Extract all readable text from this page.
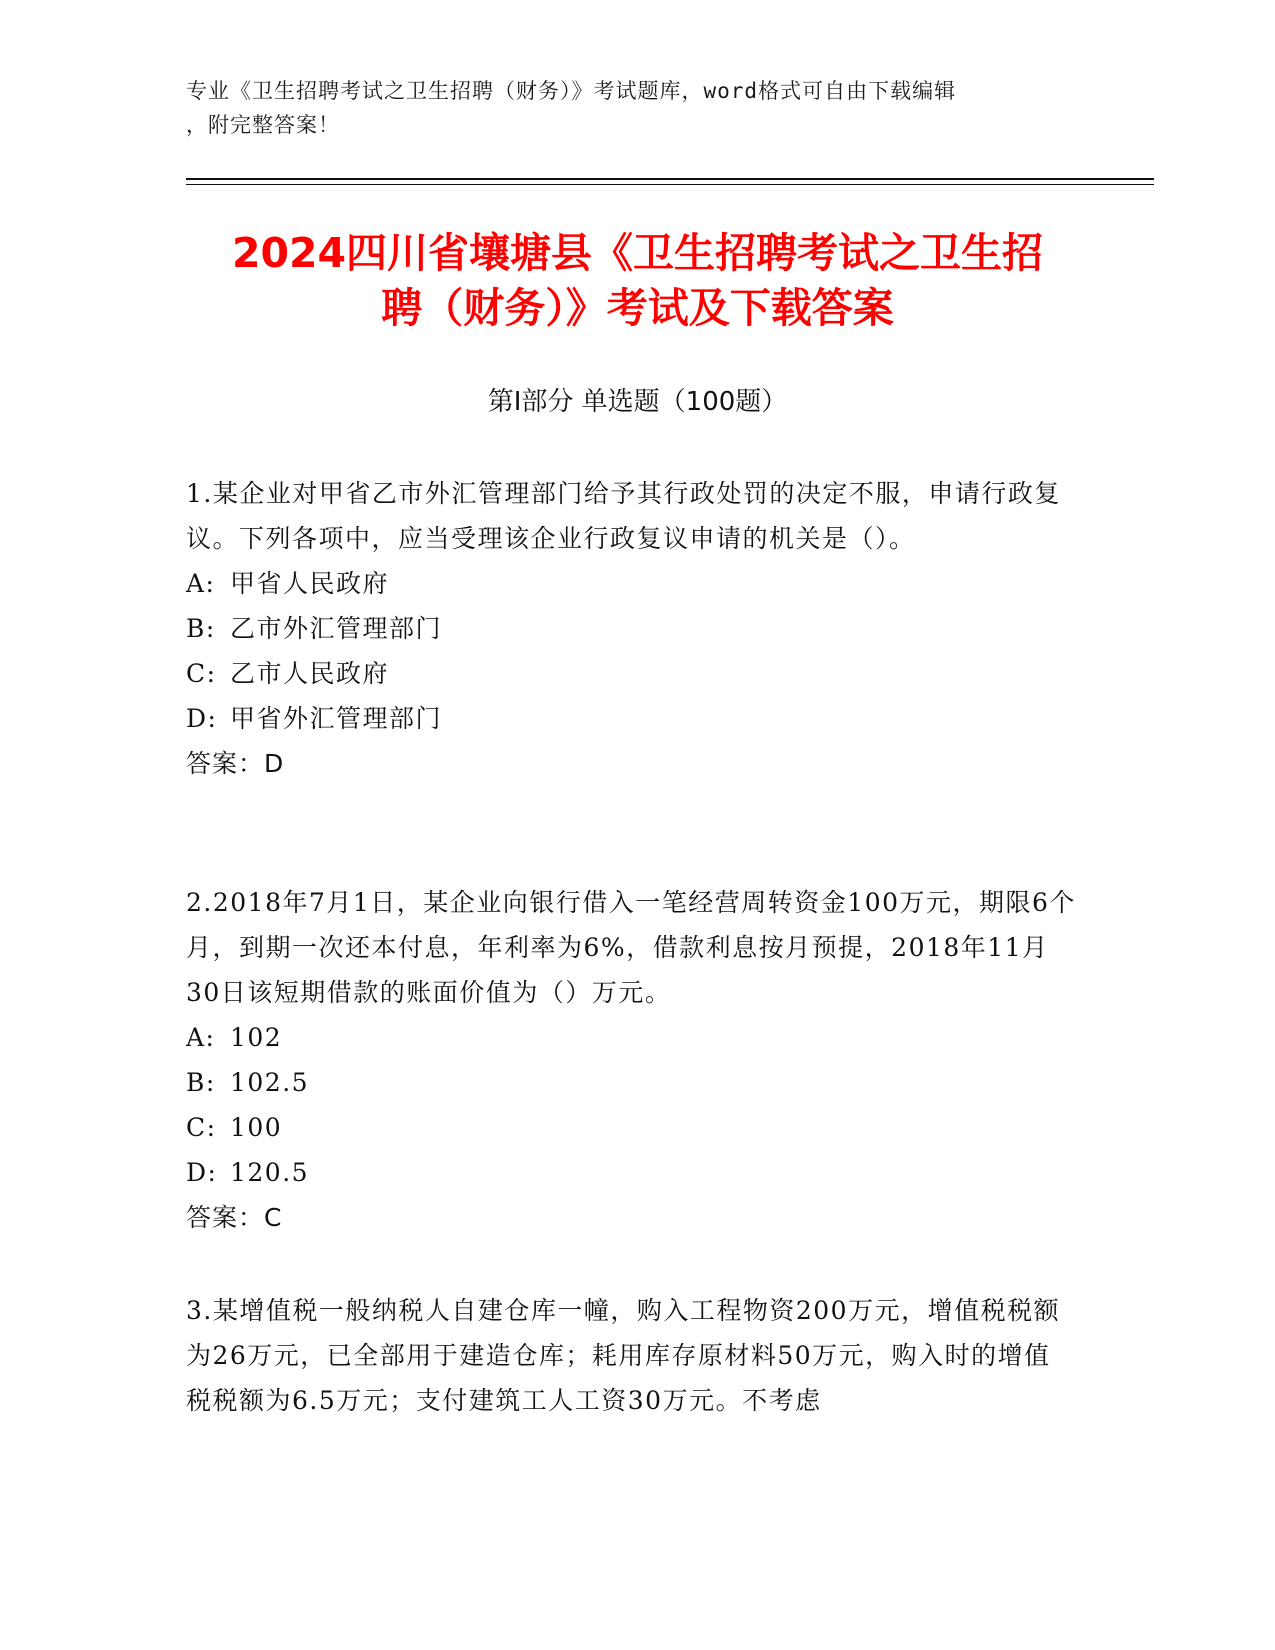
专业《卫生招聘考试之卫生招聘（财务）》考试题库，word格式可自由下载编辑
，附完整答案！
2024四川省壤塘县《卫生招聘考试之卫生招
聘（财务）》考试及下载答案
第Ⅰ部分 单选题（100题）

1.某企业对甲省乙市外汇管理部门给予其行政处罚的决定不服，申请行政复议。下列各项中，应当受理该企业行政复议申请的机关是（）。

A: 甲省人民政府
B: 乙市外汇管理部门
C: 乙市人民政府
D: 甲省外汇管理部门
答案：D

2.2018年7月1日，某企业向银行借入一笔经营周转资金100万元，期限6个月，到期一次还本付息，年利率为6%，借款利息按月预提，2018年11月30日该短期借款的账面价值为（）万元。

A: 102
B: 102.5
C: 100
D: 120.5
答案：C

3.某增值税一般纳税人自建仓库一幢，购入工程物资200万元，增值税税额为26万元，已全部用于建造仓库；耗用库存原材料50万元，购入时的增值税税额为6.5万元；支付建筑工人工资30万元。不考虑
